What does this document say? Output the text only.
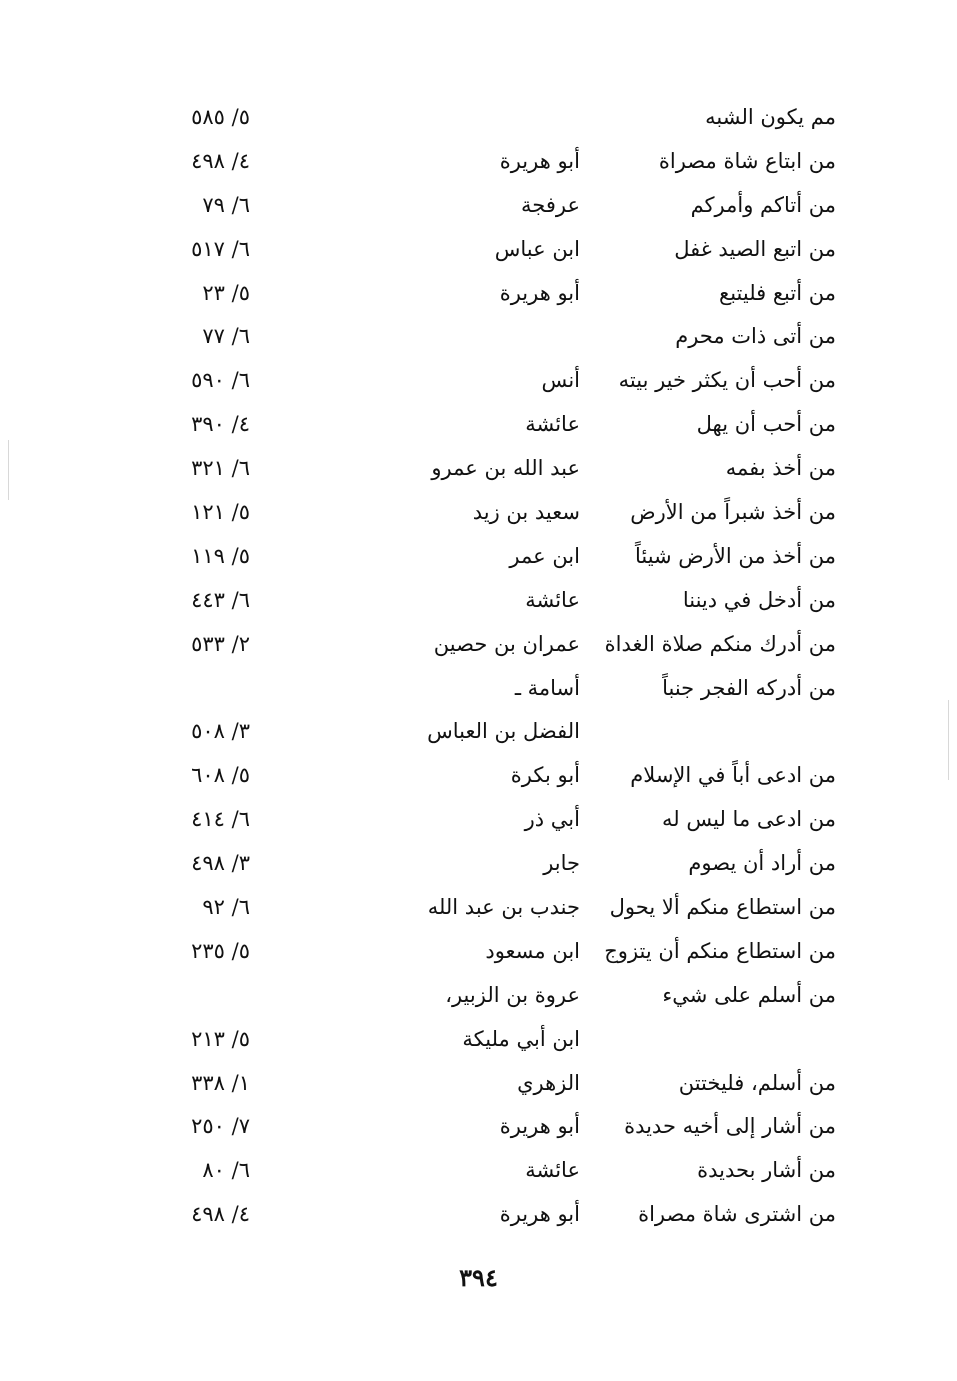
مم يكون الشبه
٥/ ٥٨٥
من ابتاع شاة مصراة
أبو هريرة
٤/ ٤٩٨
من أتاكم وأمركم
عرفجة
٦/ ٧٩
من اتبع الصيد غفل
ابن عباس
٦/ ٥١٧
من أتبع فليتبع
أبو هريرة
٥/ ٢٣
من أتى ذات محرم
٦/ ٧٧
من أحب أن يكثر خير بيته
أنس
٦/ ٥٩٠
من أحب أن يهل
عائشة
٤/ ٣٩٠
من أخذ بفمه
عبد الله بن عمرو
٦/ ٣٢١
من أخذ شبراً من الأرض
سعيد بن زيد
٥/ ١٢١
من أخذ من الأرض شيئاً
ابن عمر
٥/ ١١٩
من أدخل في ديننا
عائشة
٦/ ٤٤٣
من أدرك منكم صلاة الغداة
عمران بن حصين
٢/ ٥٣٣
من أدركه الفجر جنباً
أسامة ـ
الفضل بن العباس
٣/ ٥٠٨
من ادعى أباً في الإسلام
أبو بكرة
٥/ ٦٠٨
من ادعى ما ليس له
أبي ذر
٦/ ٤١٤
من أراد أن يصوم
جابر
٣/ ٤٩٨
من استطاع منكم ألا يحول
جندب بن عبد الله
٦/ ٩٢
من استطاع منكم أن يتزوج
ابن مسعود
٥/ ٢٣٥
من أسلم على شيء
عروة بن الزبير،
ابن أبي مليكة
٥/ ٢١٣
من أسلم، فليختتن
الزهري
١/ ٣٣٨
من أشار إلى أخيه حديدة
أبو هريرة
٧/ ٢٥٠
من أشار بحديدة
عائشة
٦/ ٨٠
من اشترى شاة مصراة
أبو هريرة
٤/ ٤٩٨
٣٩٤
